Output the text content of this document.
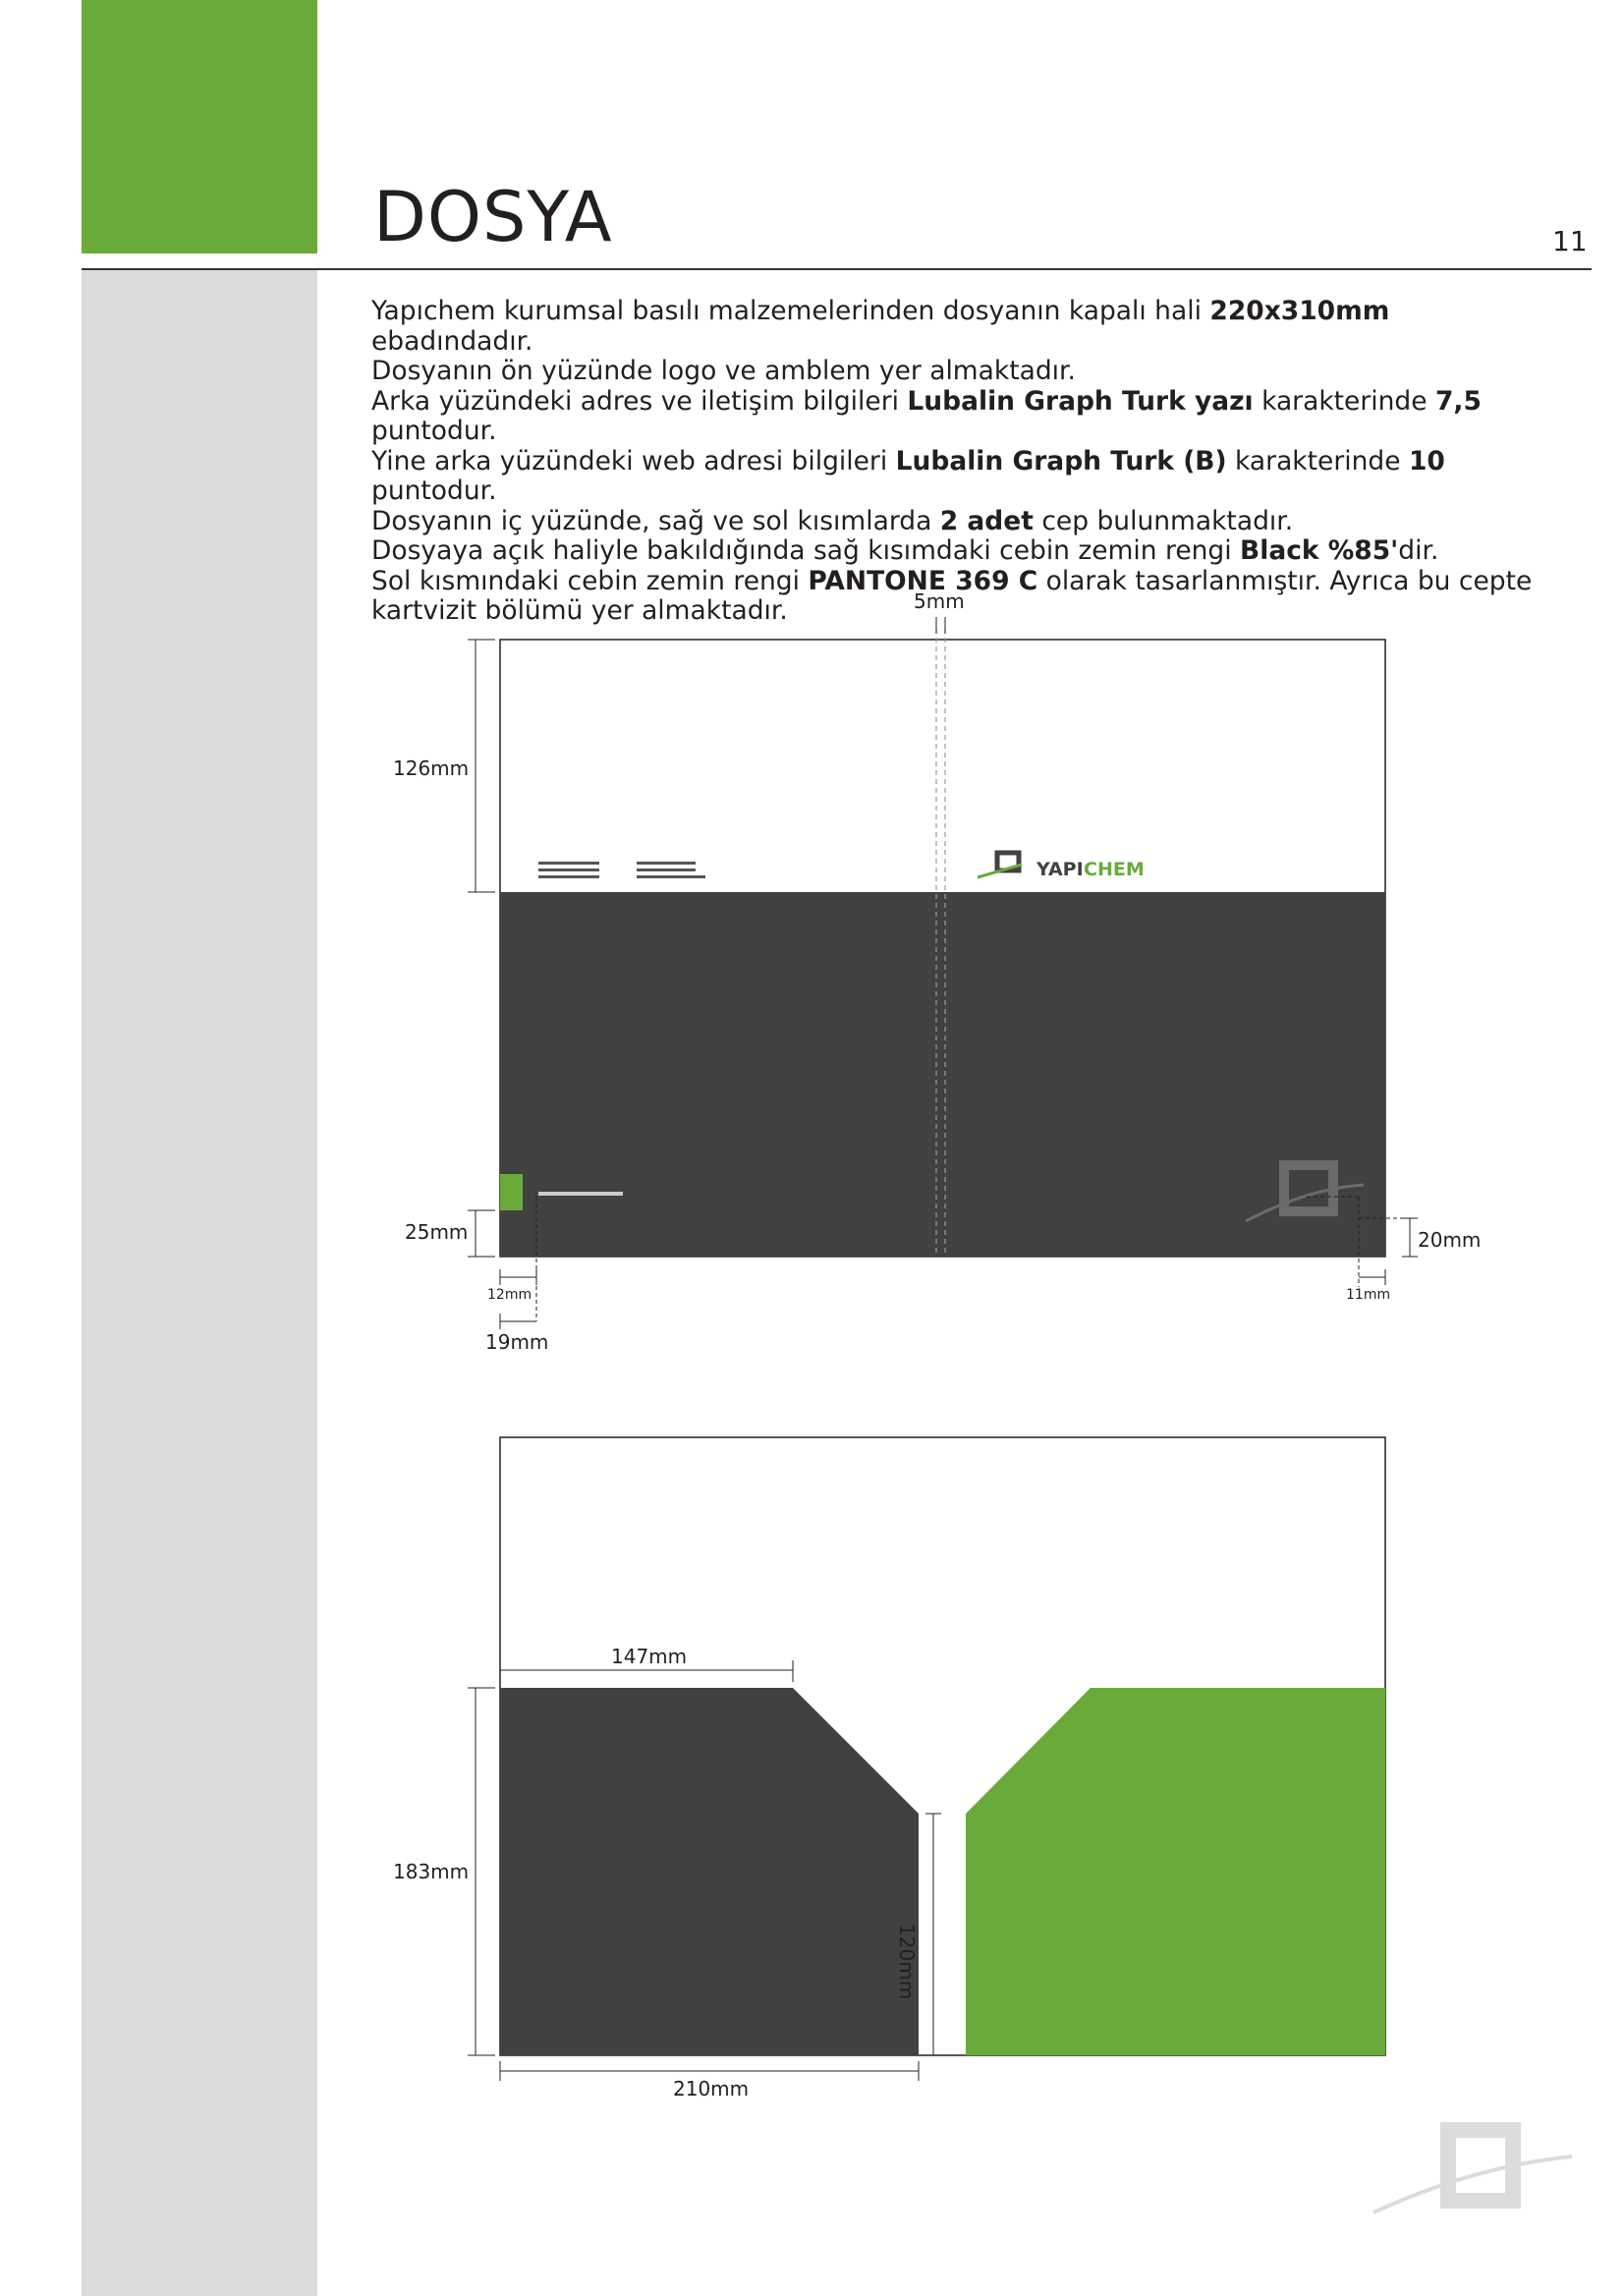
DOSYA	11

Yapıchem kurumsal basılı malzemelerinden dosyanın kapalı hali 220x310mm ebadındadır.

Dosyanın ön yüzünde logo ve amblem yer almaktadır.

Arka yüzündeki adres ve iletişim bilgileri Lubalin Graph Turk yazı karakterinde 7,5 puntodur.

Yine arka yüzündeki web adresi bilgileri Lubalin Graph Turk (B) karakterinde 10 puntodur.

Dosyanın iç yüzünde, sağ ve sol kısımlarda 2 adet cep bulunmaktadır.

Dosyaya açık haliyle bakıldığında sağ kısımdaki cebin zemin rengi Black %85'dir.

Sol kısmındaki cebin zemin rengi PANTONE 369 C olarak tasarlanmıştır. Ayrıca bu cepte

kartvizit bölümü yer almaktadır.

YAPI CHEM
5mm
126mm
25mm	20mm
12mm
19mm
11mm
147mm
183mm
120mm
210mm
